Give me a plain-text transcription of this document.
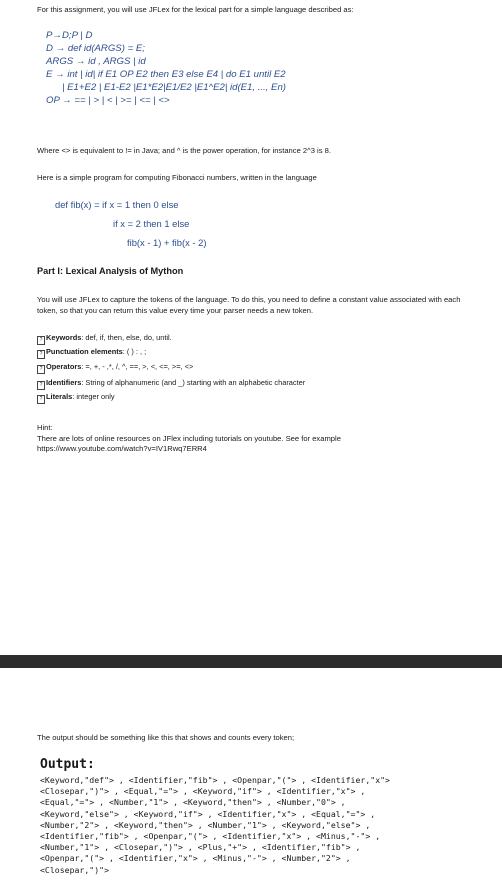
For this assignment, you will use JFLex for the lexical part for a simple language described as:
P→D;P | D
D → def id(ARGS) = E;
ARGS → id , ARGS | id
E → int | id| if E1 OP E2 then E3 else E4 | do E1 until E2
| E1+E2 | E1-E2 |E1*E2|E1/E2 |E1^E2| id(E1, ..., En)
OP → == | > | < | >= | <= | <>
Where <> is equivalent to != in Java; and ^ is the power operation, for instance 2^3 is 8.
Here is a simple program for computing Fibonacci numbers, written in the language
def fib(x) = if x = 1 then 0 else
if x = 2 then 1 else
fib(x - 1) + fib(x - 2)
Part I: Lexical Analysis of Mython
You will use JFLex to capture the tokens of the language. To do this, you need to define a constant value associated with each token, so that you can return this value every time your parser needs a new token.
? Keywords: def, if, then, else, do, until.
? Punctuation elements: ( ) : , ;
? Operators: =, +, - ,*, /, ^, ==, >, <, <=, >=, <>
? Identifiers: String of alphanumeric (and _) starting with an alphabetic character
? Literals: integer only
Hint:
There are lots of online resources on JFlex including tutorials on youtube. See for example
https://www.youtube.com/watch?v=IV1Rwq7ERR4
The output should be something like this that shows and counts every token;
Output:
<Keyword,"def"> , <Identifier,"fib"> , <Openpar,"("> , <Identifier,"x">
<Closepar,")"> , <Equal,"="> , <Keyword,"if"> , <Identifier,"x"> ,
<Equal,"="> , <Number,"1"> , <Keyword,"then"> , <Number,"0"> ,
<Keyword,"else"> , <Keyword,"if"> , <Identifier,"x"> , <Equal,"="> ,
<Number,"2"> , <Keyword,"then"> , <Number,"1"> , <Keyword,"else"> ,
<Identifier,"fib"> , <Openpar,"("> , <Identifier,"x"> , <Minus,"-"> ,
<Number,"1"> , <Closepar,")"> , <Plus,"+"> , <Identifier,"fib"> ,
<Openpar,"("> , <Identifier,"x"> , <Minus,"-"> , <Number,"2"> ,
<Closepar,")">
